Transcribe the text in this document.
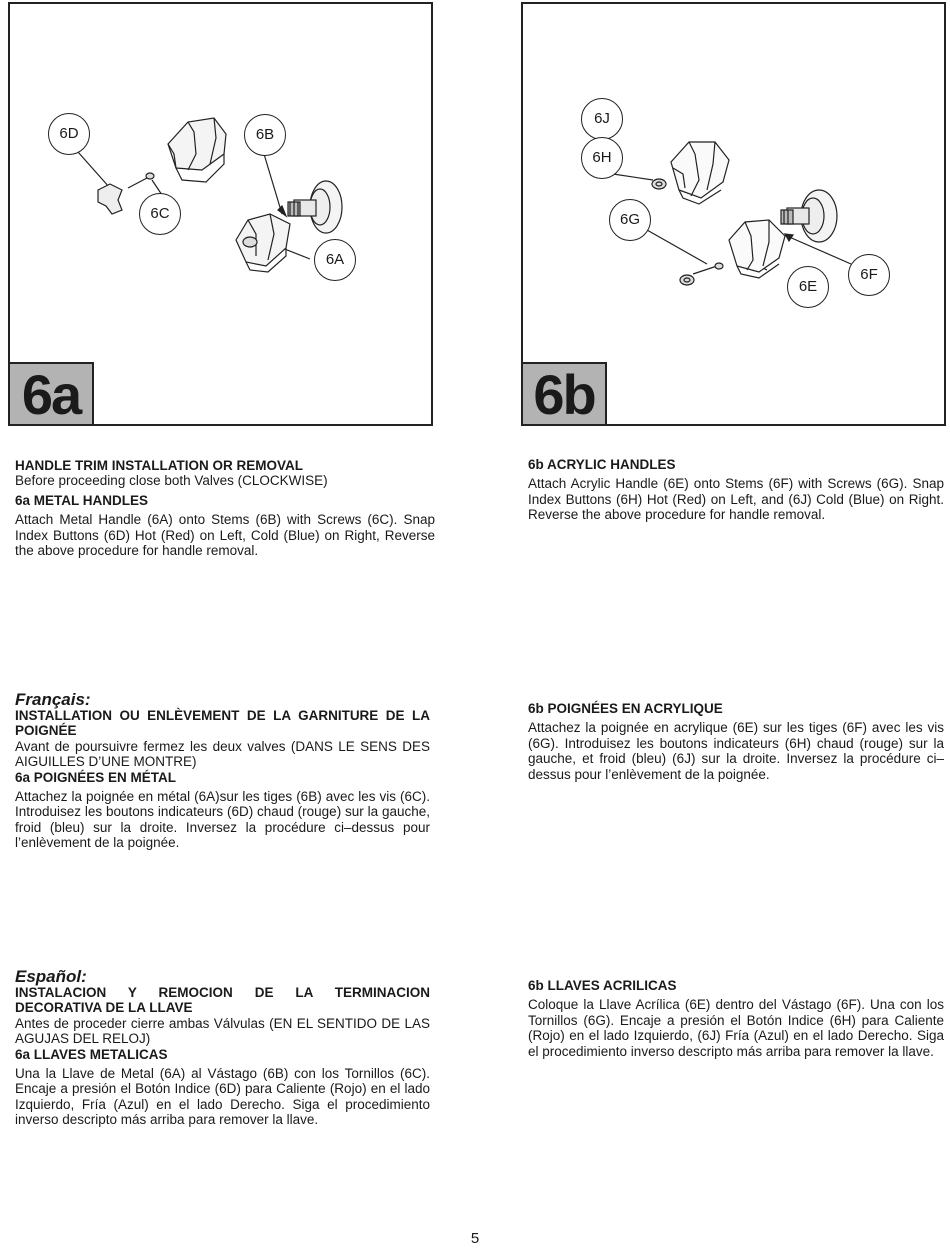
6D	6B
6C
6A
6a
6J
6H
6G
6F
6E
6b

HANDLE TRIM INSTALLATION OR REMOVAL

Before proceeding close both Valves (CLOCKWISE)

6a METAL HANDLES

Attach Metal Handle (6A) onto Stems (6B) with Screws (6C). Snap Index Buttons (6D) Hot (Red) on Left, Cold (Blue) on Right, Reverse the above procedure for handle removal.

6b ACRYLIC HANDLES

Attach Acrylic Handle (6E) onto Stems (6F) with Screws (6G). Snap Index Buttons (6H) Hot (Red) on Left, and (6J) Cold (Blue) on Right. Reverse the above procedure for handle removal.

Français:

INSTALLATION OU ENLÈVEMENT DE LA GARNITURE DE LA POIGNÉE

Avant de poursuivre fermez les deux valves (DANS LE SENS DES AIGUILLES D’UNE MONTRE)

6a POIGNÉES EN MÉTAL

Attachez la poignée en métal (6A)sur les tiges (6B) avec les vis (6C). Introduisez les boutons indicateurs (6D) chaud (rouge) sur la gauche, froid (bleu) sur la droite. Inversez la procédure ci–dessus pour l’enlèvement de la poignée.

6b POIGNÉES EN ACRYLIQUE

Attachez la poignée en acrylique (6E) sur les tiges (6F) avec les vis (6G). Introduisez les boutons indicateurs (6H) chaud (rouge) sur la gauche, et froid (bleu) (6J) sur la droite. Inversez la procédure ci–dessus pour l’enlèvement de la poignée.

Español:

INSTALACION Y REMOCION DE LA TERMINACION DECORATIVA DE LA LLAVE

Antes de proceder cierre ambas Válvulas (EN EL SENTIDO DE LAS AGUJAS DEL RELOJ)

6a LLAVES METALICAS

Una la Llave de Metal (6A) al Vástago (6B) con los Tornillos (6C). Encaje a presión el Botón Indice (6D) para Caliente (Rojo) en el lado Izquierdo, Fría (Azul) en el lado Derecho. Siga el procedimiento inverso descripto más arriba para remover la llave.

6b LLAVES ACRILICAS

Coloque la Llave Acrílica (6E) dentro del Vástago (6F). Una con los Tornillos (6G). Encaje a presión el Botón Indice (6H) para Caliente (Rojo) en el lado Izquierdo, (6J) Fría (Azul) en el lado Derecho. Siga el procedimiento inverso descripto más arriba para remover la llave.

5
